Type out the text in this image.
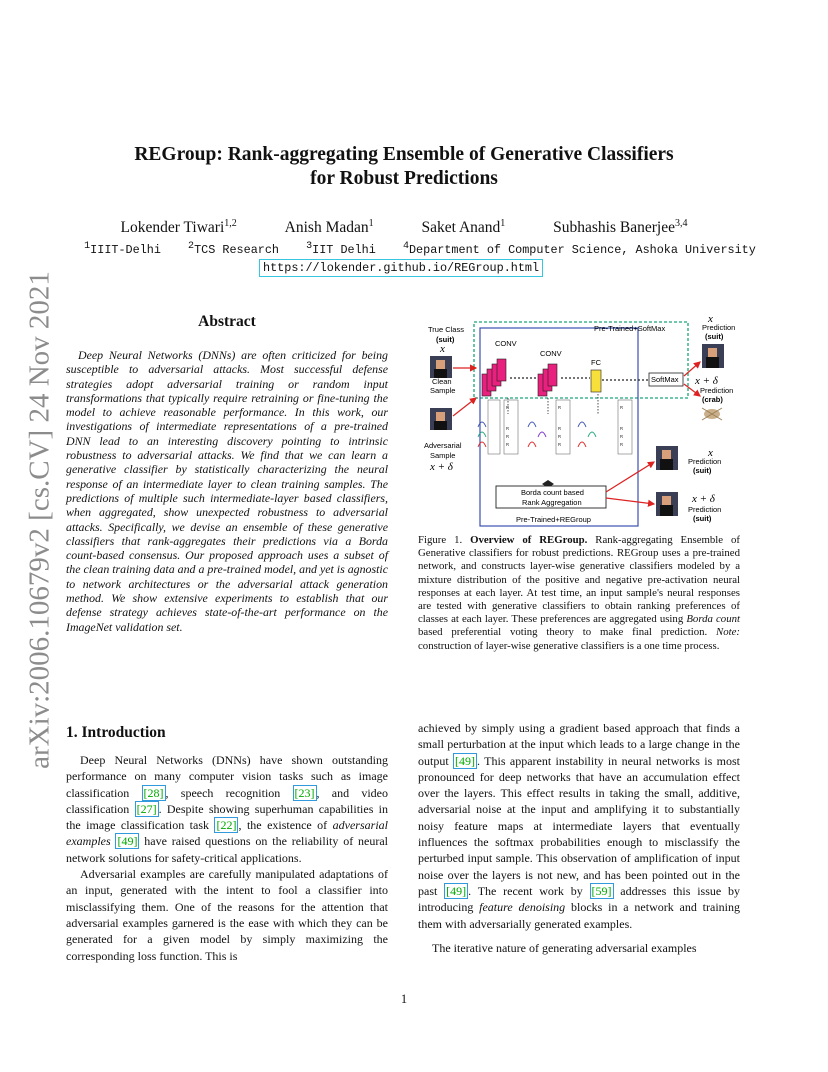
arXiv:2006.10679v2 [cs.CV] 24 Nov 2021
REGroup: Rank-aggregating Ensemble of Generative Classifiers
for Robust Predictions
Lokender Tiwari$^{1,2}$	Anish Madan$^1$	Saket Anand$^1$	Subhashis Banerjee$^{3,4}$
$^1$IIIT-Delhi	$^2$TCS Research	$^3$IIT Delhi	$^4$Department of Computer Science, Ashoka University
https://lokender.github.io/REGroup.html
Abstract
Deep Neural Networks (DNNs) are often criticized for being susceptible to adversarial attacks. Most successful defense strategies adopt adversarial training or random input transformations that typically require retraining or fine-tuning the model to achieve reasonable performance. In this work, our investigations of intermediate representations of a pre-trained DNN lead to an interesting discovery pointing to intrinsic robustness to adversarial attacks. We find that we can learn a generative classifier by statistically characterizing the neural response of an intermediate layer to clean training samples. The predictions of multiple such intermediate-layer based classifiers, when aggregated, show unexpected robustness to adversarial attacks. Specifically, we devise an ensemble of these generative classifiers that rank-aggregates their predictions via a Borda count-based consensus. Our proposed approach uses a subset of the clean training data and a pre-trained model, and yet is agnostic to network architectures or the adversarial attack generation method. We show extensive experiments to establish that our defense strategy achieves state-of-the-art performance on the ImageNet validation set.
Pre-Trained+SoftMax
True Class
(suit)
x
Clean
Sample
Adversarial
Sample
x + δ
CONV
CONV
FC
SoftMax
x
Prediction
(suit)
x + δ
Prediction
(crab)
R
R
R
R
R
R
R
R
R
R
R
R
Borda count based
Rank Aggregation
Pre-Trained+REGroup
x
Prediction
(suit)
x + δ
Prediction
(suit)
Figure 1. Overview of REGroup. Rank-aggregating Ensemble of Generative classifiers for robust predictions. REGroup uses a pre-trained network, and constructs layer-wise generative classifiers modeled by a mixture distribution of the positive and negative pre-activation neural responses at each layer. At test time, an input sample's neural responses are tested with generative classifiers to obtain ranking preferences of classes at each layer. These preferences are aggregated using Borda count based preferential voting theory to make final prediction. Note: construction of layer-wise generative classifiers is a one time process.
1. Introduction

Deep Neural Networks (DNNs) have shown outstanding performance on many computer vision tasks such as image classification [28] , speech recognition [23] , and video classification [27] . Despite showing superhuman capabilities in the image classification task [22] , the existence of adversarial examples [49] have raised questions on the reliability of neural network solutions for safety-critical applications.

Adversarial examples are carefully manipulated adaptations of an input, generated with the intent to fool a classifier into misclassifying them. One of the reasons for the attention that adversarial examples garnered is the ease with which they can be generated for a given model by simply maximizing the corresponding loss function. This is

achieved by simply using a gradient based approach that finds a small perturbation at the input which leads to a large change in the output [49] . This apparent instability in neural networks is most pronounced for deep networks that have an accumulation effect over the layers. This effect results in taking the small, additive, adversarial noise at the input and amplifying it to substantially noisy feature maps at intermediate layers that eventually influences the softmax probabilities enough to misclassify the perturbed input sample. This observation of amplification of input noise over the layers is not new, and has been pointed out in the past [49] . The recent work by [59] addresses this issue by introducing feature denoising blocks in a network and training them with adversarially generated examples.

The iterative nature of generating adversarial examples

1
